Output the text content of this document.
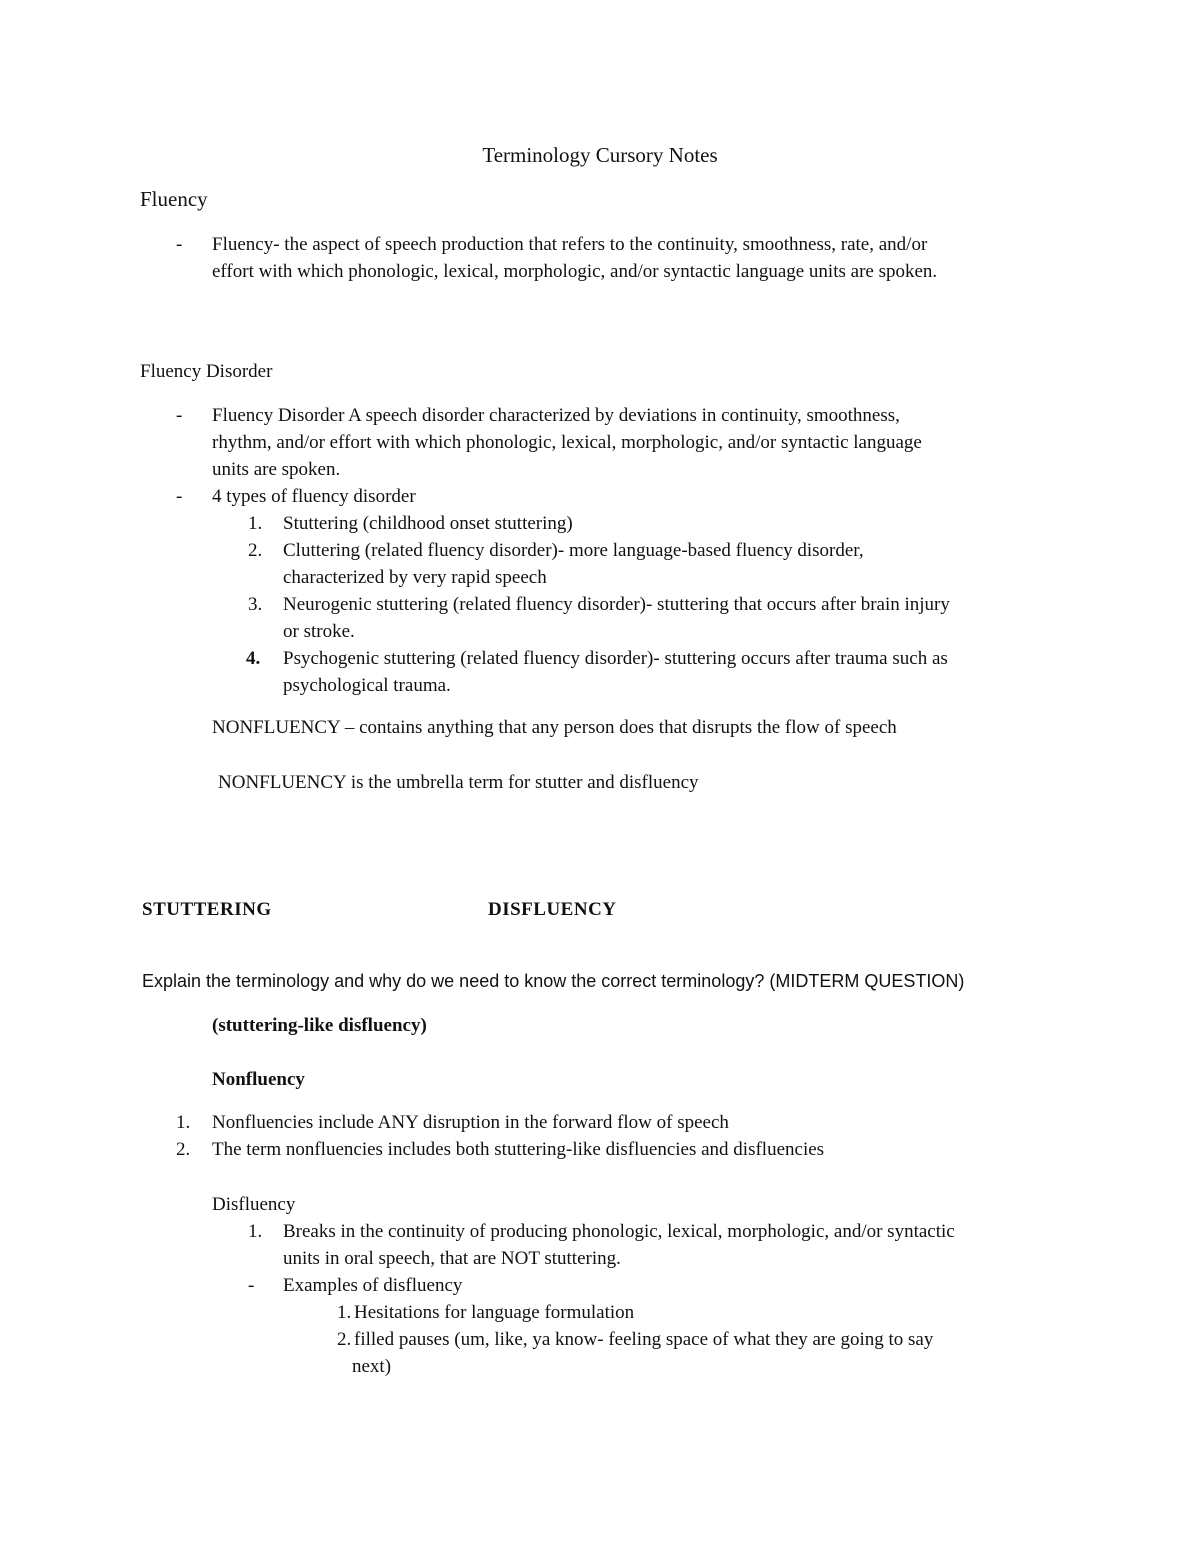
Terminology Cursory Notes
Fluency
- Fluency- the aspect of speech production that refers to the continuity, smoothness, rate, and/or
effort with which phonologic, lexical, morphologic, and/or syntactic language units are spoken.
Fluency Disorder
- Fluency Disorder A speech disorder characterized by deviations in continuity, smoothness,
rhythm, and/or effort with which phonologic, lexical, morphologic, and/or syntactic language
units are spoken.
- 4 types of fluency disorder
1. Stuttering (childhood onset stuttering)
2. Cluttering (related fluency disorder)- more language-based fluency disorder,
characterized by very rapid speech
3. Neurogenic stuttering (related fluency disorder)- stuttering that occurs after brain injury
or stroke.
4. Psychogenic stuttering (related fluency disorder)- stuttering occurs after trauma such as
psychological trauma.
NONFLUENCY – contains anything that any person does that disrupts the flow of speech
NONFLUENCY is the umbrella term for stutter and disfluency
STUTTERING	DISFLUENCY
Explain the terminology and why do we need to know the correct terminology? (MIDTERM QUESTION)
(stuttering-like disfluency)
Nonfluency
1. Nonfluencies include ANY disruption in the forward flow of speech
2. The term nonfluencies includes both stuttering-like disfluencies and disfluencies
Disfluency
1. Breaks in the continuity of producing phonologic, lexical, morphologic, and/or syntactic
units in oral speech, that are NOT stuttering.
- Examples of disfluency
1. Hesitations for language formulation
2. filled pauses (um, like, ya know- feeling space of what they are going to say
next)
